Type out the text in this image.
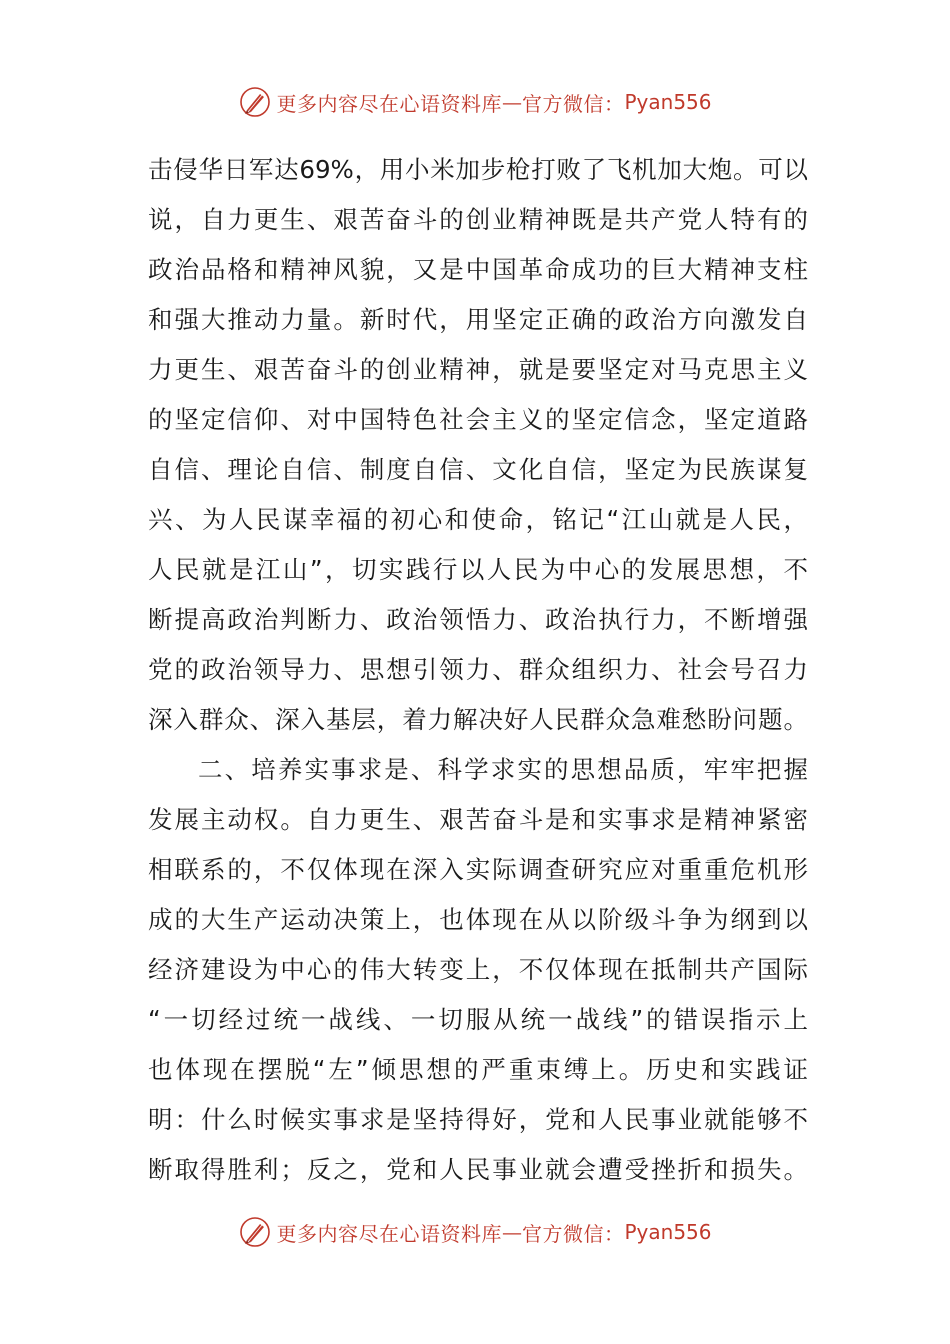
更多内容尽在心语资料库 — 官方微信： Pyan556
击侵华日军达69%，用小米加步枪打败了飞机加大炮。可以
说，自力更生、艰苦奋斗的创业精神既是共产党人特有的
政治品格和精神风貌，又是中国革命成功的巨大精神支柱
和强大推动力量。新时代，用坚定正确的政治方向激发自
力更生、艰苦奋斗的创业精神，就是要坚定对马克思主义
的坚定信仰、对中国特色社会主义的坚定信念，坚定道路
自信、理论自信、制度自信、文化自信，坚定为民族谋复
兴、为人民谋幸福的初心和使命，铭记“江山就是人民，
人民就是江山”，切实践行以人民为中心的发展思想，不
断提高政治判断力、政治领悟力、政治执行力，不断增强
党的政治领导力、思想引领力、群众组织力、社会号召力
深入群众、深入基层，着力解决好人民群众急难愁盼问题。
二、培养实事求是、科学求实的思想品质，牢牢把握
发展主动权。自力更生、艰苦奋斗是和实事求是精神紧密
相联系的，不仅体现在深入实际调查研究应对重重危机形
成的大生产运动决策上，也体现在从以阶级斗争为纲到以
经济建设为中心的伟大转变上，不仅体现在抵制共产国际
“一切经过统一战线、一切服从统一战线”的错误指示上
也体现在摆脱“左”倾思想的严重束缚上。历史和实践证
明：什么时候实事求是坚持得好，党和人民事业就能够不
断取得胜利；反之，党和人民事业就会遭受挫折和损失。
更多内容尽在心语资料库 — 官方微信： Pyan556
